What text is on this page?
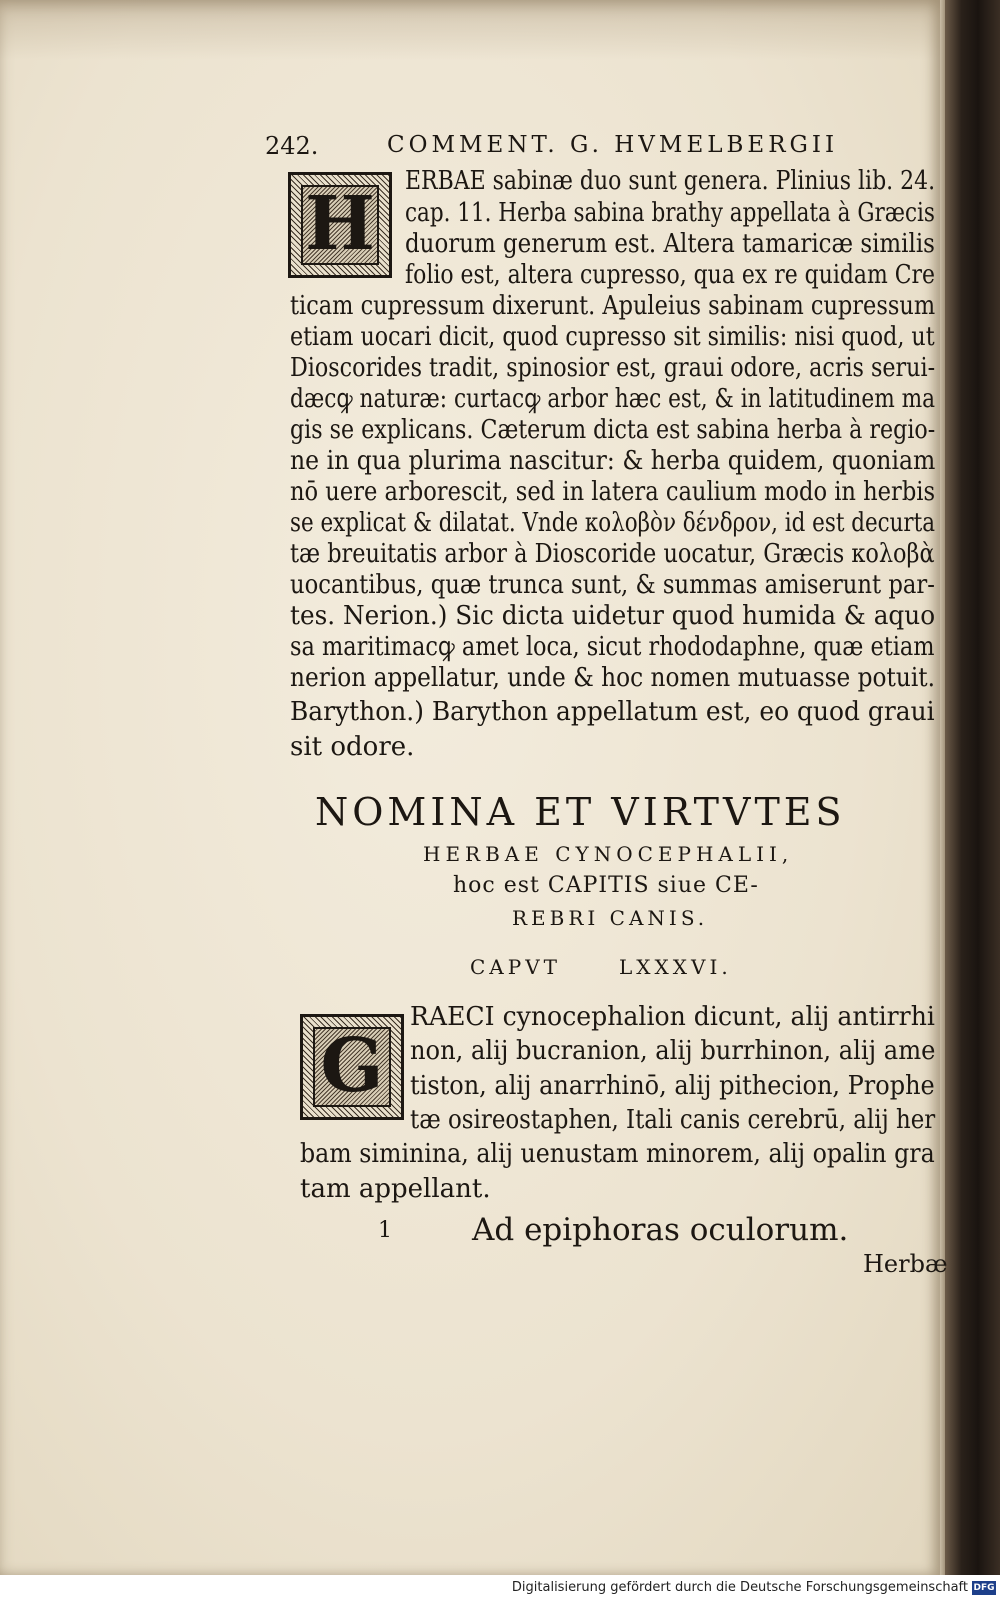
242.	COMMENT. G. HVMELBERGII
H	ERBAE sabinæ duo sunt genera. Plinius lib. 24.
cap. 11. Herba sabina brathy appellata à Græcis
duorum generum est. Altera tamaricæ similis
folio est, altera cupresso, qua ex re quidam Cre
ticam cupressum dixerunt. Apuleius sabinam cupressum
etiam uocari dicit, quod cupresso sit similis: nisi quod, ut
Dioscorides tradit, spinosior est, graui odore, acris serui-
dæcꝙ naturæ: curtacꝙ arbor hæc est, & in latitudinem ma
gis se explicans. Cæterum dicta est sabina herba à regio-
ne in qua plurima nascitur: & herba quidem, quoniam
nō uere arborescit, sed in latera caulium modo in herbis
se explicat & dilatat. Vnde κολοβὸν δένδρον, id est decurta
tæ breuitatis arbor à Dioscoride uocatur, Græcis κολοβὰ
uocantibus, quæ trunca sunt, & summas amiserunt par-
tes. Nerion.) Sic dicta uidetur quod humida & aquo
sa maritimacꝙ amet loca, sicut rhododaphne, quæ etiam
nerion appellatur, unde & hoc nomen mutuasse potuit.
Barython.) Barython appellatum est, eo quod graui
sit odore.
NOMINA ET VIRTVTES
HERBAE CYNOCEPHALII,
hoc est CAPITIS siue CE-
REBRI CANIS.
CAPVT	LXXXVI.
G
RAECI cynocephalion dicunt, alij antirrhi
non, alij bucranion, alij burrhinon, alij ame
tiston, alij anarrhinō, alij pithecion, Prophe
tæ osireostaphen, Itali canis cerebrū, alij her
bam siminina, alij uenustam minorem, alij opalin gra
tam appellant.
1	Ad epiphoras oculorum.
Herbæ
Digitalisierung gefördert durch die Deutsche Forschungsgemeinschaft DFG
